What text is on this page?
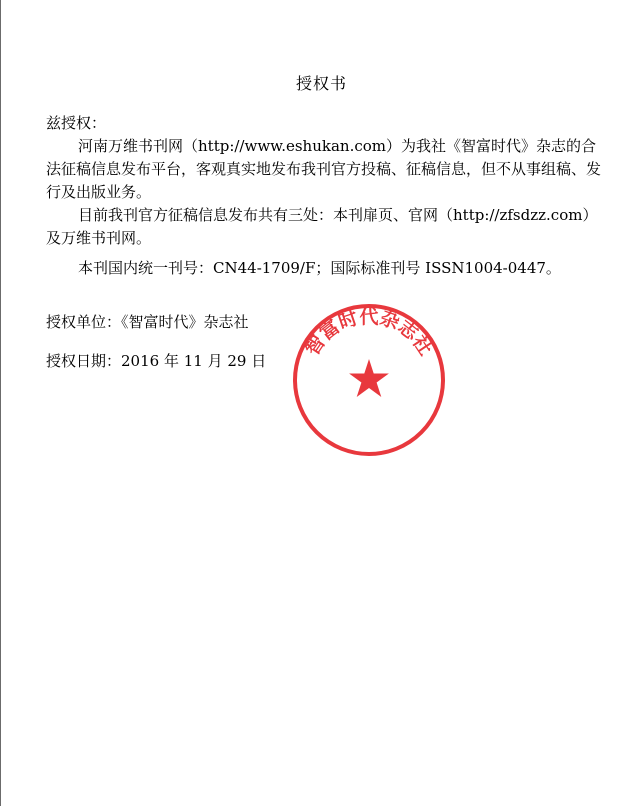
授权书

兹授权：

河南万维书刊网（http://www.eshukan.com）为我社《智富时代》杂志的合法征稿信息发布平台，客观真实地发布我刊官方投稿、征稿信息，但不从事组稿、发行及出版业务。

目前我刊官方征稿信息发布共有三处：本刊扉页、官网（http://zfsdzz.com）及万维书刊网。

本刊国内统一刊号：CN44-1709/F；国际标准刊号 ISSN1004-0447。

授权单位：《智富时代》杂志社
授权日期：2016 年 11 月 29 日
智富时代杂志社
